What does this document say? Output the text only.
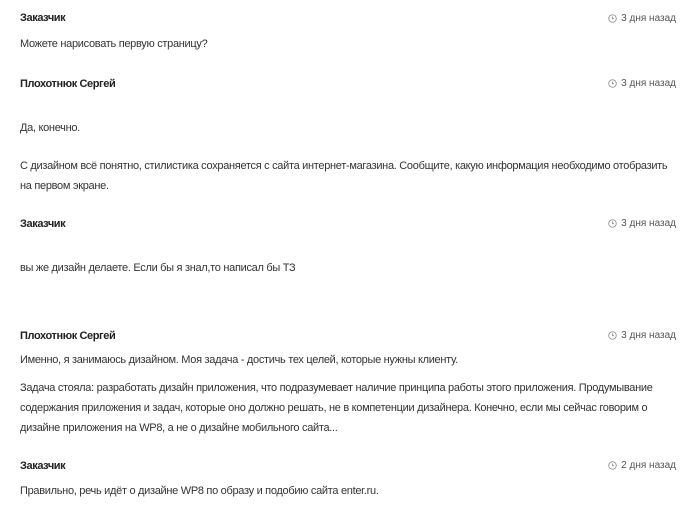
Заказчик	3 дня назад
Можете нарисовать первую страницу?
Плохотнюк Сергей	3 дня назад
Да, конечно.
С дизайном всё понятно, стилистика сохраняется с сайта интернет-магазина. Сообщите, какую информация необходимо отобразить на первом экране.
Заказчик	3 дня назад
вы же дизайн делаете. Если бы я знал,то написал бы ТЗ
Плохотнюк Сергей	3 дня назад
Именно, я занимаюсь дизайном. Моя задача - достичь тех целей, которые нужны клиенту.
Задача стояла: разработать дизайн приложения, что подразумевает наличие принципа работы этого приложения. Продумывание содержания приложения и задач, которые оно должно решать, не в компетенции дизайнера. Конечно, если мы сейчас говорим о дизайне приложения на WP8, а не о дизайне мобильного сайта...
Заказчик	2 дня назад
Правильно, речь идёт о дизайне WP8 по образу и подобию сайта enter.ru.
